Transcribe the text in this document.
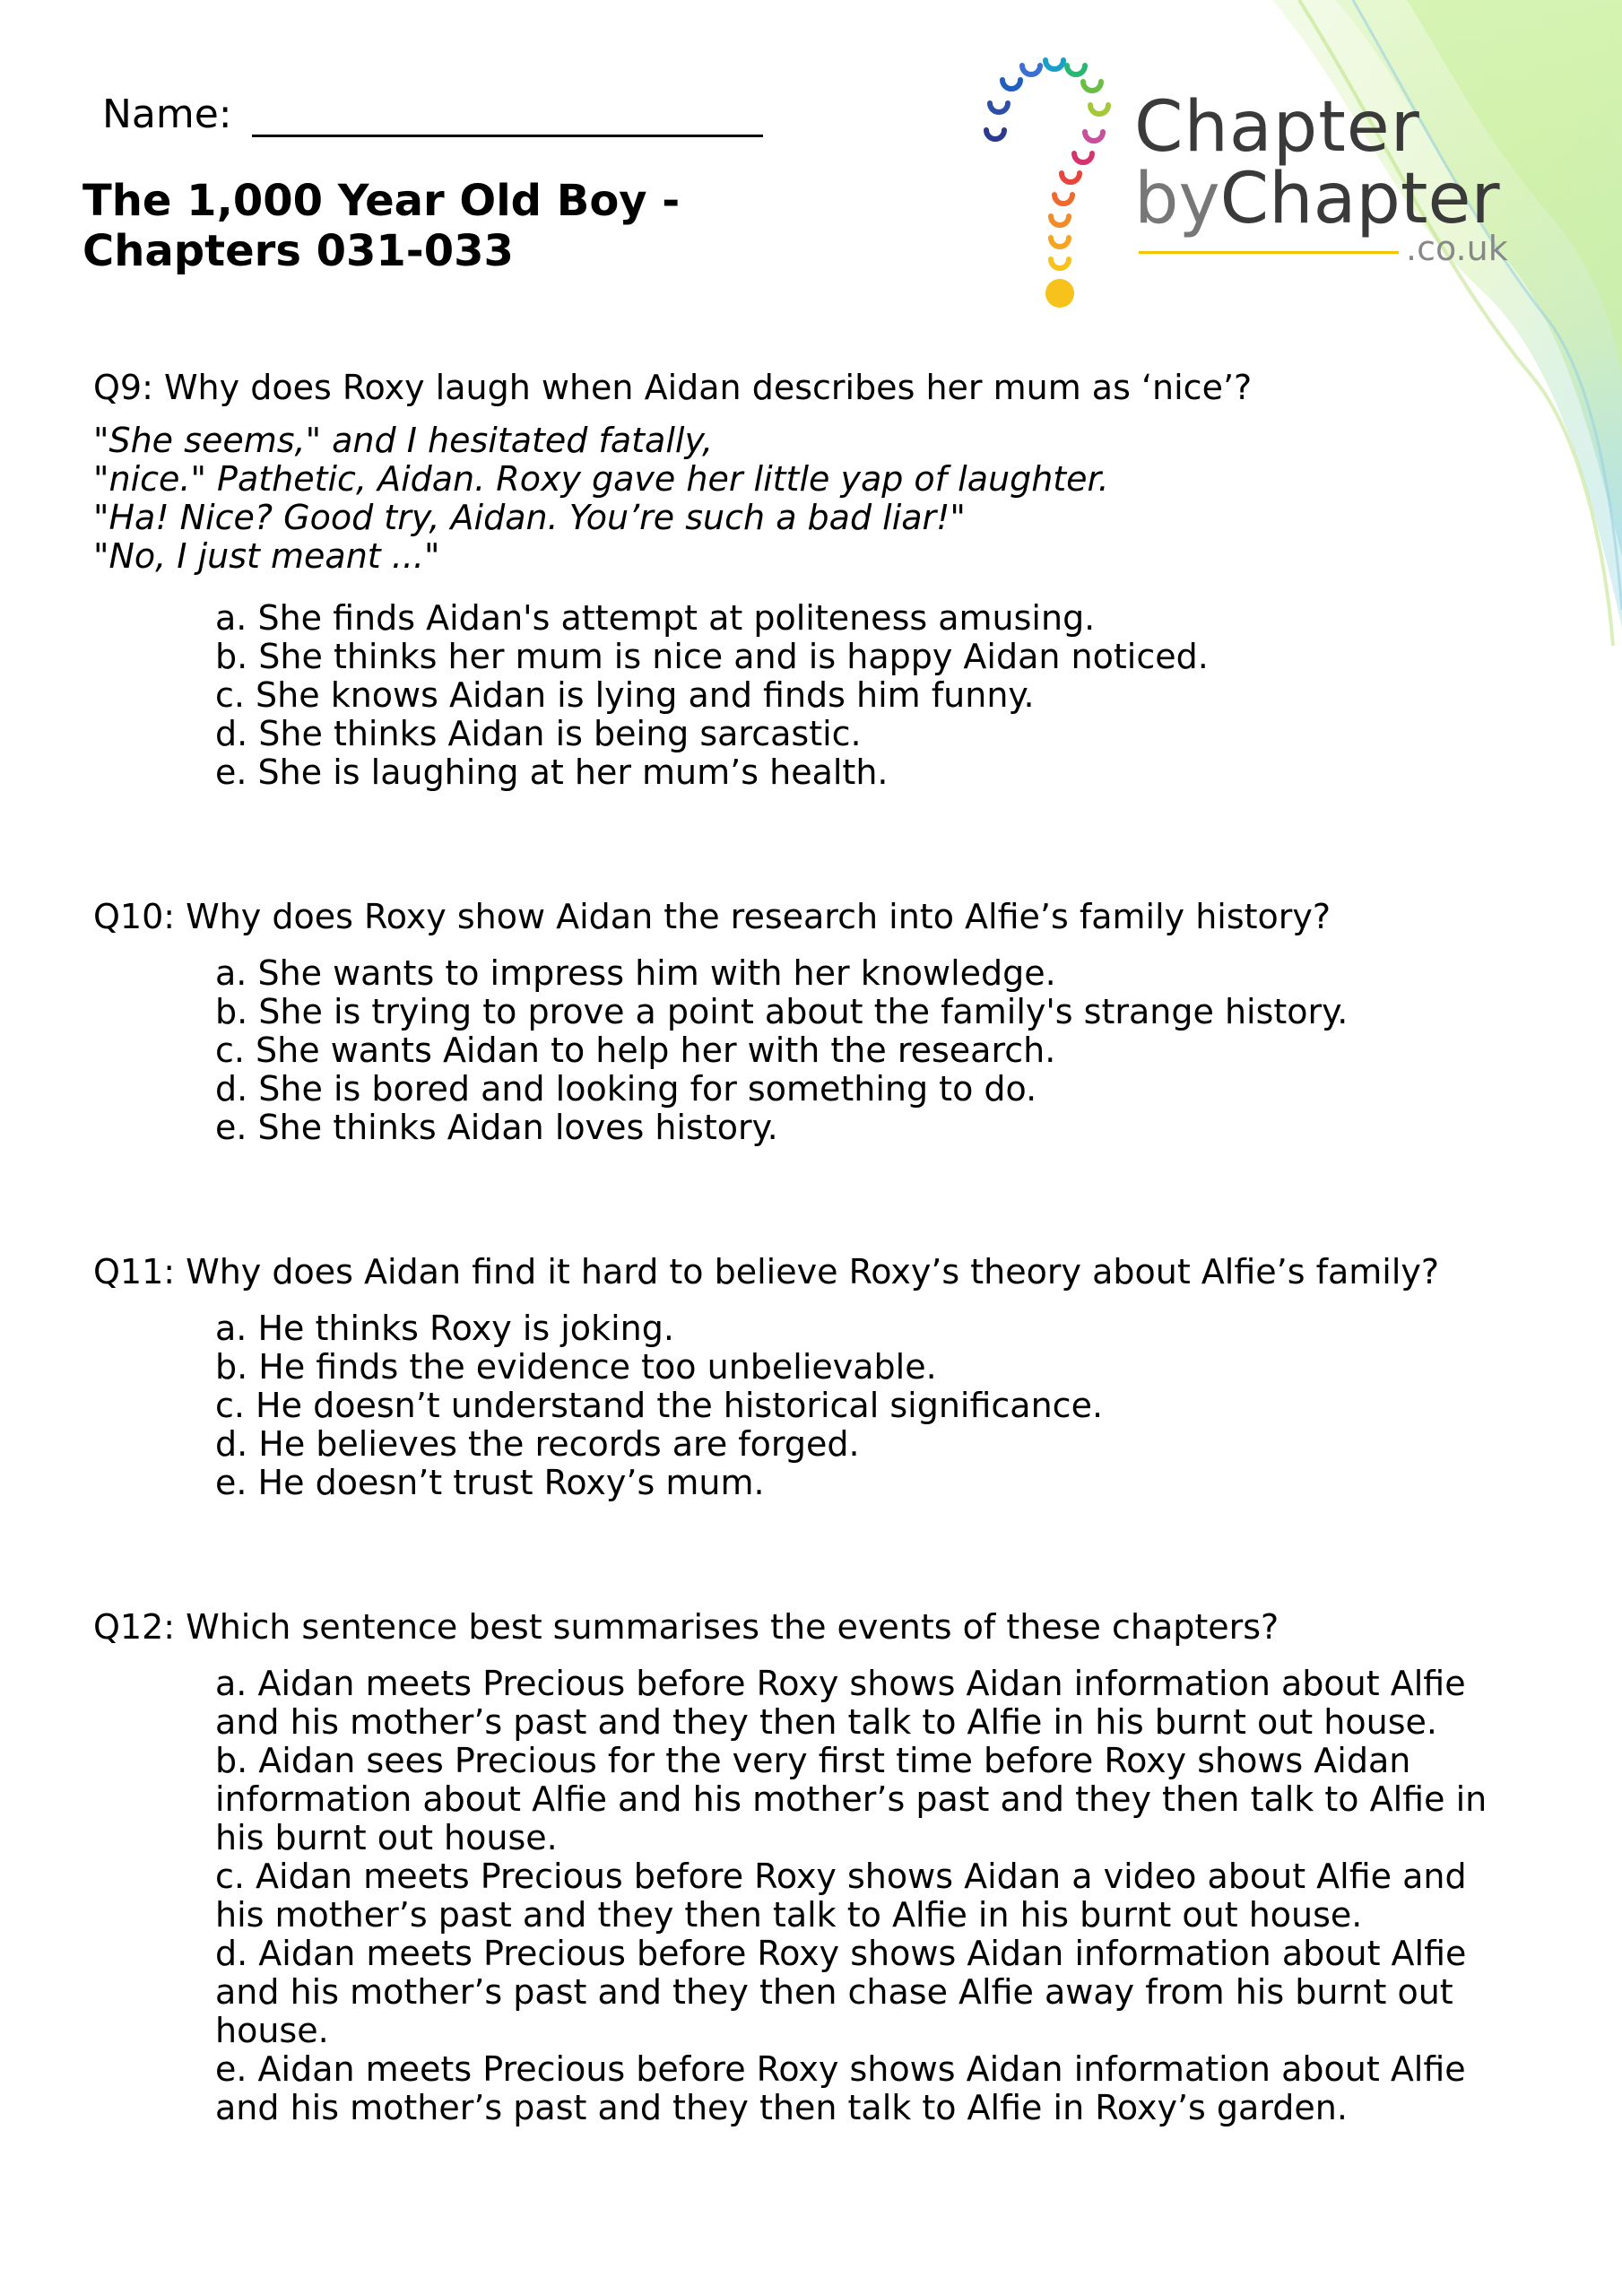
Name:
The 1,000 Year Old Boy -
Chapters 031-033
Chapter
byChapter
.co.uk
Q9: Why does Roxy laugh when Aidan describes her mum as ‘nice’?
"She seems," and I hesitated fatally,
"nice." Pathetic, Aidan. Roxy gave her little yap of laughter.
"Ha! Nice? Good try, Aidan. You’re such a bad liar!"
"No, I just meant ..."
a. She finds Aidan's attempt at politeness amusing.
b. She thinks her mum is nice and is happy Aidan noticed.
c. She knows Aidan is lying and finds him funny.
d. She thinks Aidan is being sarcastic.
e. She is laughing at her mum’s health.
Q10: Why does Roxy show Aidan the research into Alfie’s family history?
a. She wants to impress him with her knowledge.
b. She is trying to prove a point about the family's strange history.
c. She wants Aidan to help her with the research.
d. She is bored and looking for something to do.
e. She thinks Aidan loves history.
Q11: Why does Aidan find it hard to believe Roxy’s theory about Alfie’s family?
a. He thinks Roxy is joking.
b. He finds the evidence too unbelievable.
c. He doesn’t understand the historical significance.
d. He believes the records are forged.
e. He doesn’t trust Roxy’s mum.
Q12: Which sentence best summarises the events of these chapters?
a. Aidan meets Precious before Roxy shows Aidan information about Alfie and his mother’s past and they then talk to Alfie in his burnt out house.
b. Aidan sees Precious for the very first time before Roxy shows Aidan information about Alfie and his mother’s past and they then talk to Alfie in his burnt out house.
c. Aidan meets Precious before Roxy shows Aidan a video about Alfie and his mother’s past and they then talk to Alfie in his burnt out house.
d. Aidan meets Precious before Roxy shows Aidan information about Alfie and his mother’s past and they then chase Alfie away from his burnt out house.
e. Aidan meets Precious before Roxy shows Aidan information about Alfie and his mother’s past and they then talk to Alfie in Roxy’s garden.
